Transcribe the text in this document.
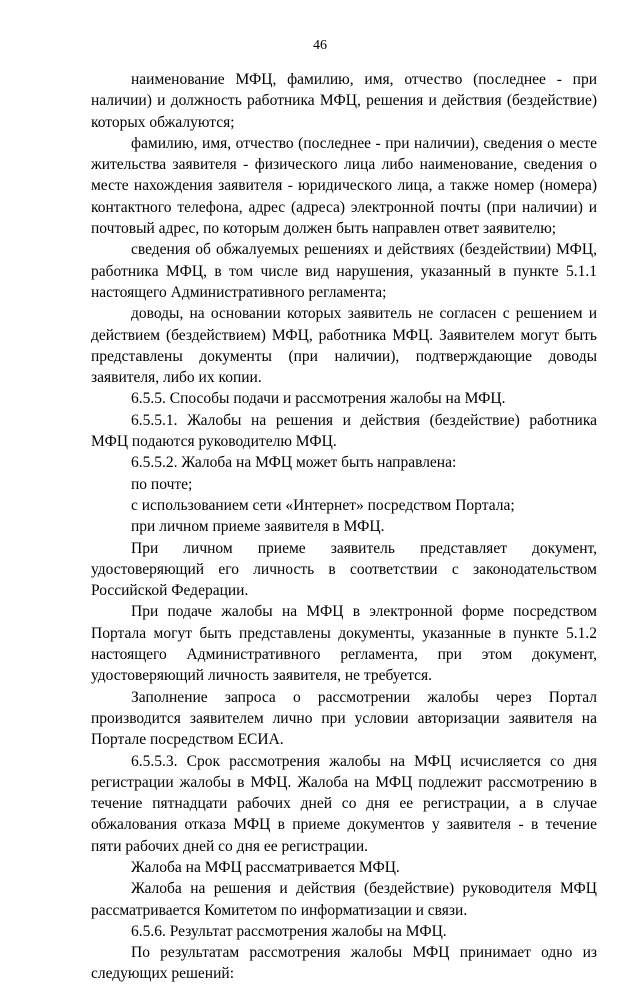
46

наименование МФЦ, фамилию, имя, отчество (последнее - при наличии) и должность работника МФЦ, решения и действия (бездействие) которых обжалуются;

фамилию, имя, отчество (последнее - при наличии), сведения о месте жительства заявителя - физического лица либо наименование, сведения о месте нахождения заявителя - юридического лица, а также номер (номера) контактного телефона, адрес (адреса) электронной почты (при наличии) и почтовый адрес, по которым должен быть направлен ответ заявителю;

сведения об обжалуемых решениях и действиях (бездействии) МФЦ, работника МФЦ, в том числе вид нарушения, указанный в пункте 5.1.1 настоящего Административного регламента;

доводы, на основании которых заявитель не согласен с решением и действием (бездействием) МФЦ, работника МФЦ. Заявителем могут быть представлены документы (при наличии), подтверждающие доводы заявителя, либо их копии.

6.5.5. Способы подачи и рассмотрения жалобы на МФЦ.

6.5.5.1. Жалобы на решения и действия (бездействие) работника МФЦ подаются руководителю МФЦ.

6.5.5.2. Жалоба на МФЦ может быть направлена:

по почте;

с использованием сети «Интернет» посредством Портала;

при личном приеме заявителя в МФЦ.

При личном приеме заявитель представляет документ, удостоверяющий его личность в соответствии с законодательством Российской Федерации.

При подаче жалобы на МФЦ в электронной форме посредством Портала могут быть представлены документы, указанные в пункте 5.1.2 настоящего Административного регламента, при этом документ, удостоверяющий личность заявителя, не требуется.

Заполнение запроса о рассмотрении жалобы через Портал производится заявителем лично при условии авторизации заявителя на Портале посредством ЕСИА.

6.5.5.3. Срок рассмотрения жалобы на МФЦ исчисляется со дня регистрации жалобы в МФЦ. Жалоба на МФЦ подлежит рассмотрению в течение пятнадцати рабочих дней со дня ее регистрации, а в случае обжалования отказа МФЦ в приеме документов у заявителя - в течение пяти рабочих дней со дня ее регистрации.

Жалоба на МФЦ рассматривается МФЦ.

Жалоба на решения и действия (бездействие) руководителя МФЦ рассматривается Комитетом по информатизации и связи.

6.5.6. Результат рассмотрения жалобы на МФЦ.

По результатам рассмотрения жалобы МФЦ принимает одно из следующих решений:
